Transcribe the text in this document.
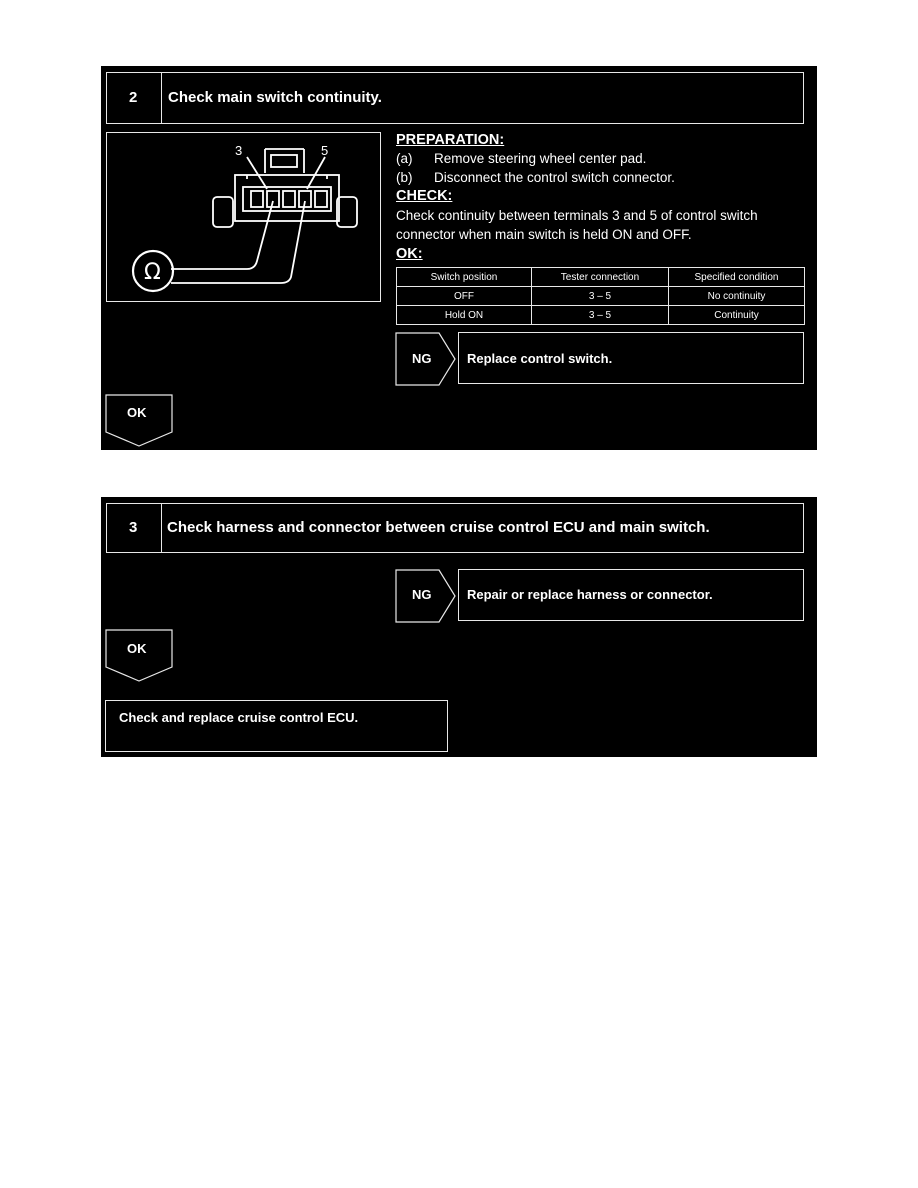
2 Check main switch continuity.
3	5
Ω
PREPARATION:
(a) Remove steering wheel center pad.
(b) Disconnect the control switch connector.
CHECK:
Check continuity between terminals 3 and 5 of control switch
connector when main switch is held ON and OFF.
OK:
Switch position	Tester connection	Specified condition
OFF	3 – 5	No continuity
Hold ON	3 – 5	Continuity
NG	Replace control switch.
OK
3 Check harness and connector between cruise control ECU and main switch.
NG	Repair or replace harness or connector.
OK
Check and replace cruise control ECU.
